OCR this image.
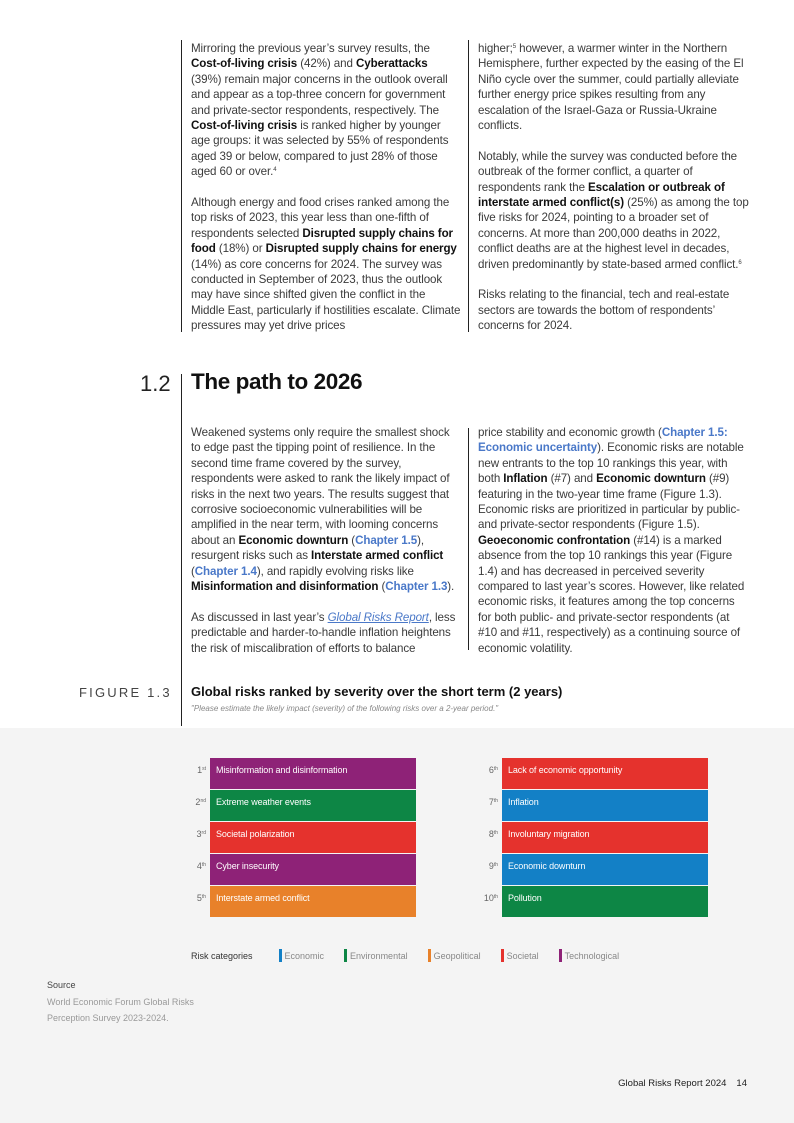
Mirroring the previous year’s survey results, the Cost-of-living crisis (42%) and Cyberattacks (39%) remain major concerns in the outlook overall and appear as a top-three concern for government and private-sector respondents, respectively. The Cost-of-living crisis is ranked higher by younger age groups: it was selected by 55% of respondents aged 39 or below, compared to just 28% of those aged 60 or over.$^4$

Although energy and food crises ranked among the top risks of 2023, this year less than one-fifth of respondents selected Disrupted supply chains for food (18%) or Disrupted supply chains for energy (14%) as core concerns for 2024. The survey was conducted in September of 2023, thus the outlook may have since shifted given the conflict in the Middle East, particularly if hostilities escalate. Climate pressures may yet drive prices

higher;$^5$ however, a warmer winter in the Northern Hemisphere, further expected by the easing of the El Niño cycle over the summer, could partially alleviate further energy price spikes resulting from any escalation of the Israel-Gaza or Russia-Ukraine conflicts.

Notably, while the survey was conducted before the outbreak of the former conflict, a quarter of respondents rank the Escalation or outbreak of interstate armed conflict(s) (25%) as among the top five risks for 2024, pointing to a broader set of concerns. At more than 200,000 deaths in 2022, conflict deaths are at the highest level in decades, driven predominantly by state-based armed conflict.$^6$

Risks relating to the financial, tech and real-estate sectors are towards the bottom of respondents’ concerns for 2024.

1.2 The path to 2026

Weakened systems only require the smallest shock to edge past the tipping point of resilience. In the second time frame covered by the survey, respondents were asked to rank the likely impact of risks in the next two years. The results suggest that corrosive socioeconomic vulnerabilities will be amplified in the near term, with looming concerns about an Economic downturn (Chapter 1.5), resurgent risks such as Interstate armed conflict (Chapter 1.4), and rapidly evolving risks like Misinformation and disinformation (Chapter 1.3).

As discussed in last year’s Global Risks Report, less predictable and harder-to-handle inflation heightens the risk of miscalibration of efforts to balance

price stability and economic growth (Chapter 1.5: Economic uncertainty). Economic risks are notable new entrants to the top 10 rankings this year, with both Inflation (#7) and Economic downturn (#9) featuring in the two-year time frame (Figure 1.3). Economic risks are prioritized in particular by public- and private-sector respondents (Figure 1.5). Geoeconomic confrontation (#14) is a marked absence from the top 10 rankings this year (Figure 1.4) and has decreased in perceived severity compared to last year’s scores. However, like related economic risks, it features among the top concerns for both public- and private-sector respondents (at #10 and #11, respectively) as a continuing source of economic volatility.

FIGURE 1.3 Global risks ranked by severity over the short term (2 years)
"Please estimate the likely impact (severity) of the following risks over a 2-year period."
1st	Misinformation and disinformation
2nd	Extreme weather events
3rd	Societal polarization
4th	Cyber insecurity
5th	Interstate armed conflict
6th	Lack of economic opportunity
7th	Inflation
8th	Involuntary migration
9th	Economic downturn
10th	Pollution
Risk categories	Economic	Environmental	Geopolitical	Societal	Technological
Source
World Economic Forum Global Risks Perception Survey 2023-2024.
Global Risks Report 2024 14
